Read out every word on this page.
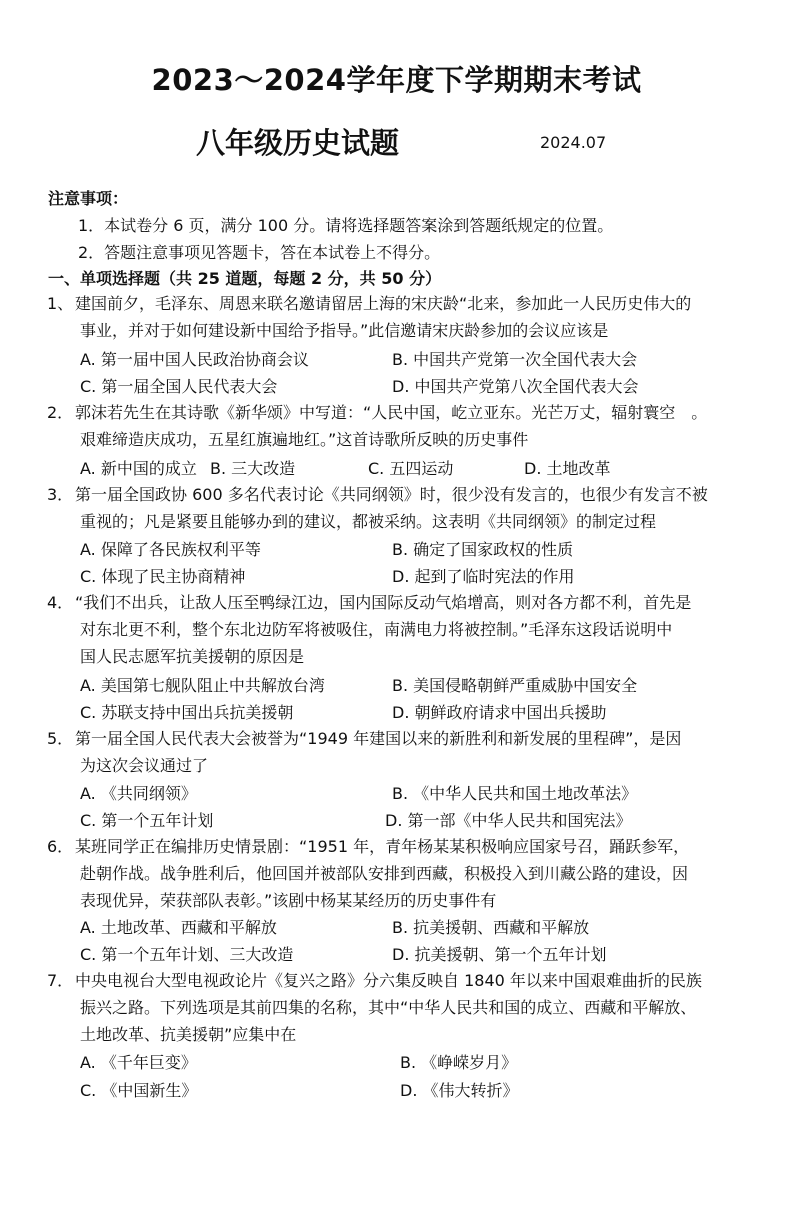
2023～2024学年度下学期期末考试
八年级历史试题	2024.07
注意事项：
1．本试卷分 6 页，满分 100 分。请将选择题答案涂到答题纸规定的位置。
2．答题注意事项见答题卡，答在本试卷上不得分。
一、单项选择题（共 25 道题，每题 2 分，共 50 分）
1、 建国前夕，毛泽东、周恩来联名邀请留居上海的宋庆龄“北来，参加此一人民历史伟大的
事业，并对于如何建设新中国给予指导。”此信邀请宋庆龄参加的会议应该是
A. 第一届中国人民政治协商会议	B. 中国共产党第一次全国代表大会
C. 第一届全国人民代表大会	D. 中国共产党第八次全国代表大会
2． 郭沫若先生在其诗歌《新华颂》中写道：“人民中国，屹立亚东。光芒万丈，辐射寰空　。
艰难缔造庆成功，五星红旗遍地红。”这首诗歌所反映的历史事件
A. 新中国的成立 B. 三大改造	C. 五四运动	D. 土地改革
3． 第一届全国政协 600 多名代表讨论《共同纲领》时，很少没有发言的，也很少有发言不被
重视的；凡是紧要且能够办到的建议，都被采纳。这表明《共同纲领》的制定过程
A. 保障了各民族权利平等	B. 确定了国家政权的性质
C. 体现了民主协商精神	D. 起到了临时宪法的作用
4． “我们不出兵，让敌人压至鸭绿江边，国内国际反动气焰增高，则对各方都不利，首先是
对东北更不利，整个东北边防军将被吸住，南满电力将被控制。”毛泽东这段话说明中
国人民志愿军抗美援朝的原因是
A. 美国第七舰队阻止中共解放台湾	B. 美国侵略朝鲜严重威胁中国安全
C. 苏联支持中国出兵抗美援朝	D. 朝鲜政府请求中国出兵援助
5． 第一届全国人民代表大会被誉为“1949 年建国以来的新胜利和新发展的里程碑”，是因
为这次会议通过了
A. 《共同纲领》	B. 《中华人民共和国土地改革法》
C. 第一个五年计划	D. 第一部《中华人民共和国宪法》
6． 某班同学正在编排历史情景剧：“1951 年，青年杨某某积极响应国家号召，踊跃参军，
赴朝作战。战争胜利后，他回国并被部队安排到西藏，积极投入到川藏公路的建设，因
表现优异，荣获部队表彰。”该剧中杨某某经历的历史事件有
A. 土地改革、西藏和平解放	B. 抗美援朝、西藏和平解放
C. 第一个五年计划、三大改造	D. 抗美援朝、第一个五年计划
7． 中央电视台大型电视政论片《复兴之路》分六集反映自 1840 年以来中国艰难曲折的民族
振兴之路。下列选项是其前四集的名称，其中“中华人民共和国的成立、西藏和平解放、
土地改革、抗美援朝”应集中在
A. 《千年巨变》	B. 《峥嵘岁月》
C. 《中国新生》	D. 《伟大转折》
